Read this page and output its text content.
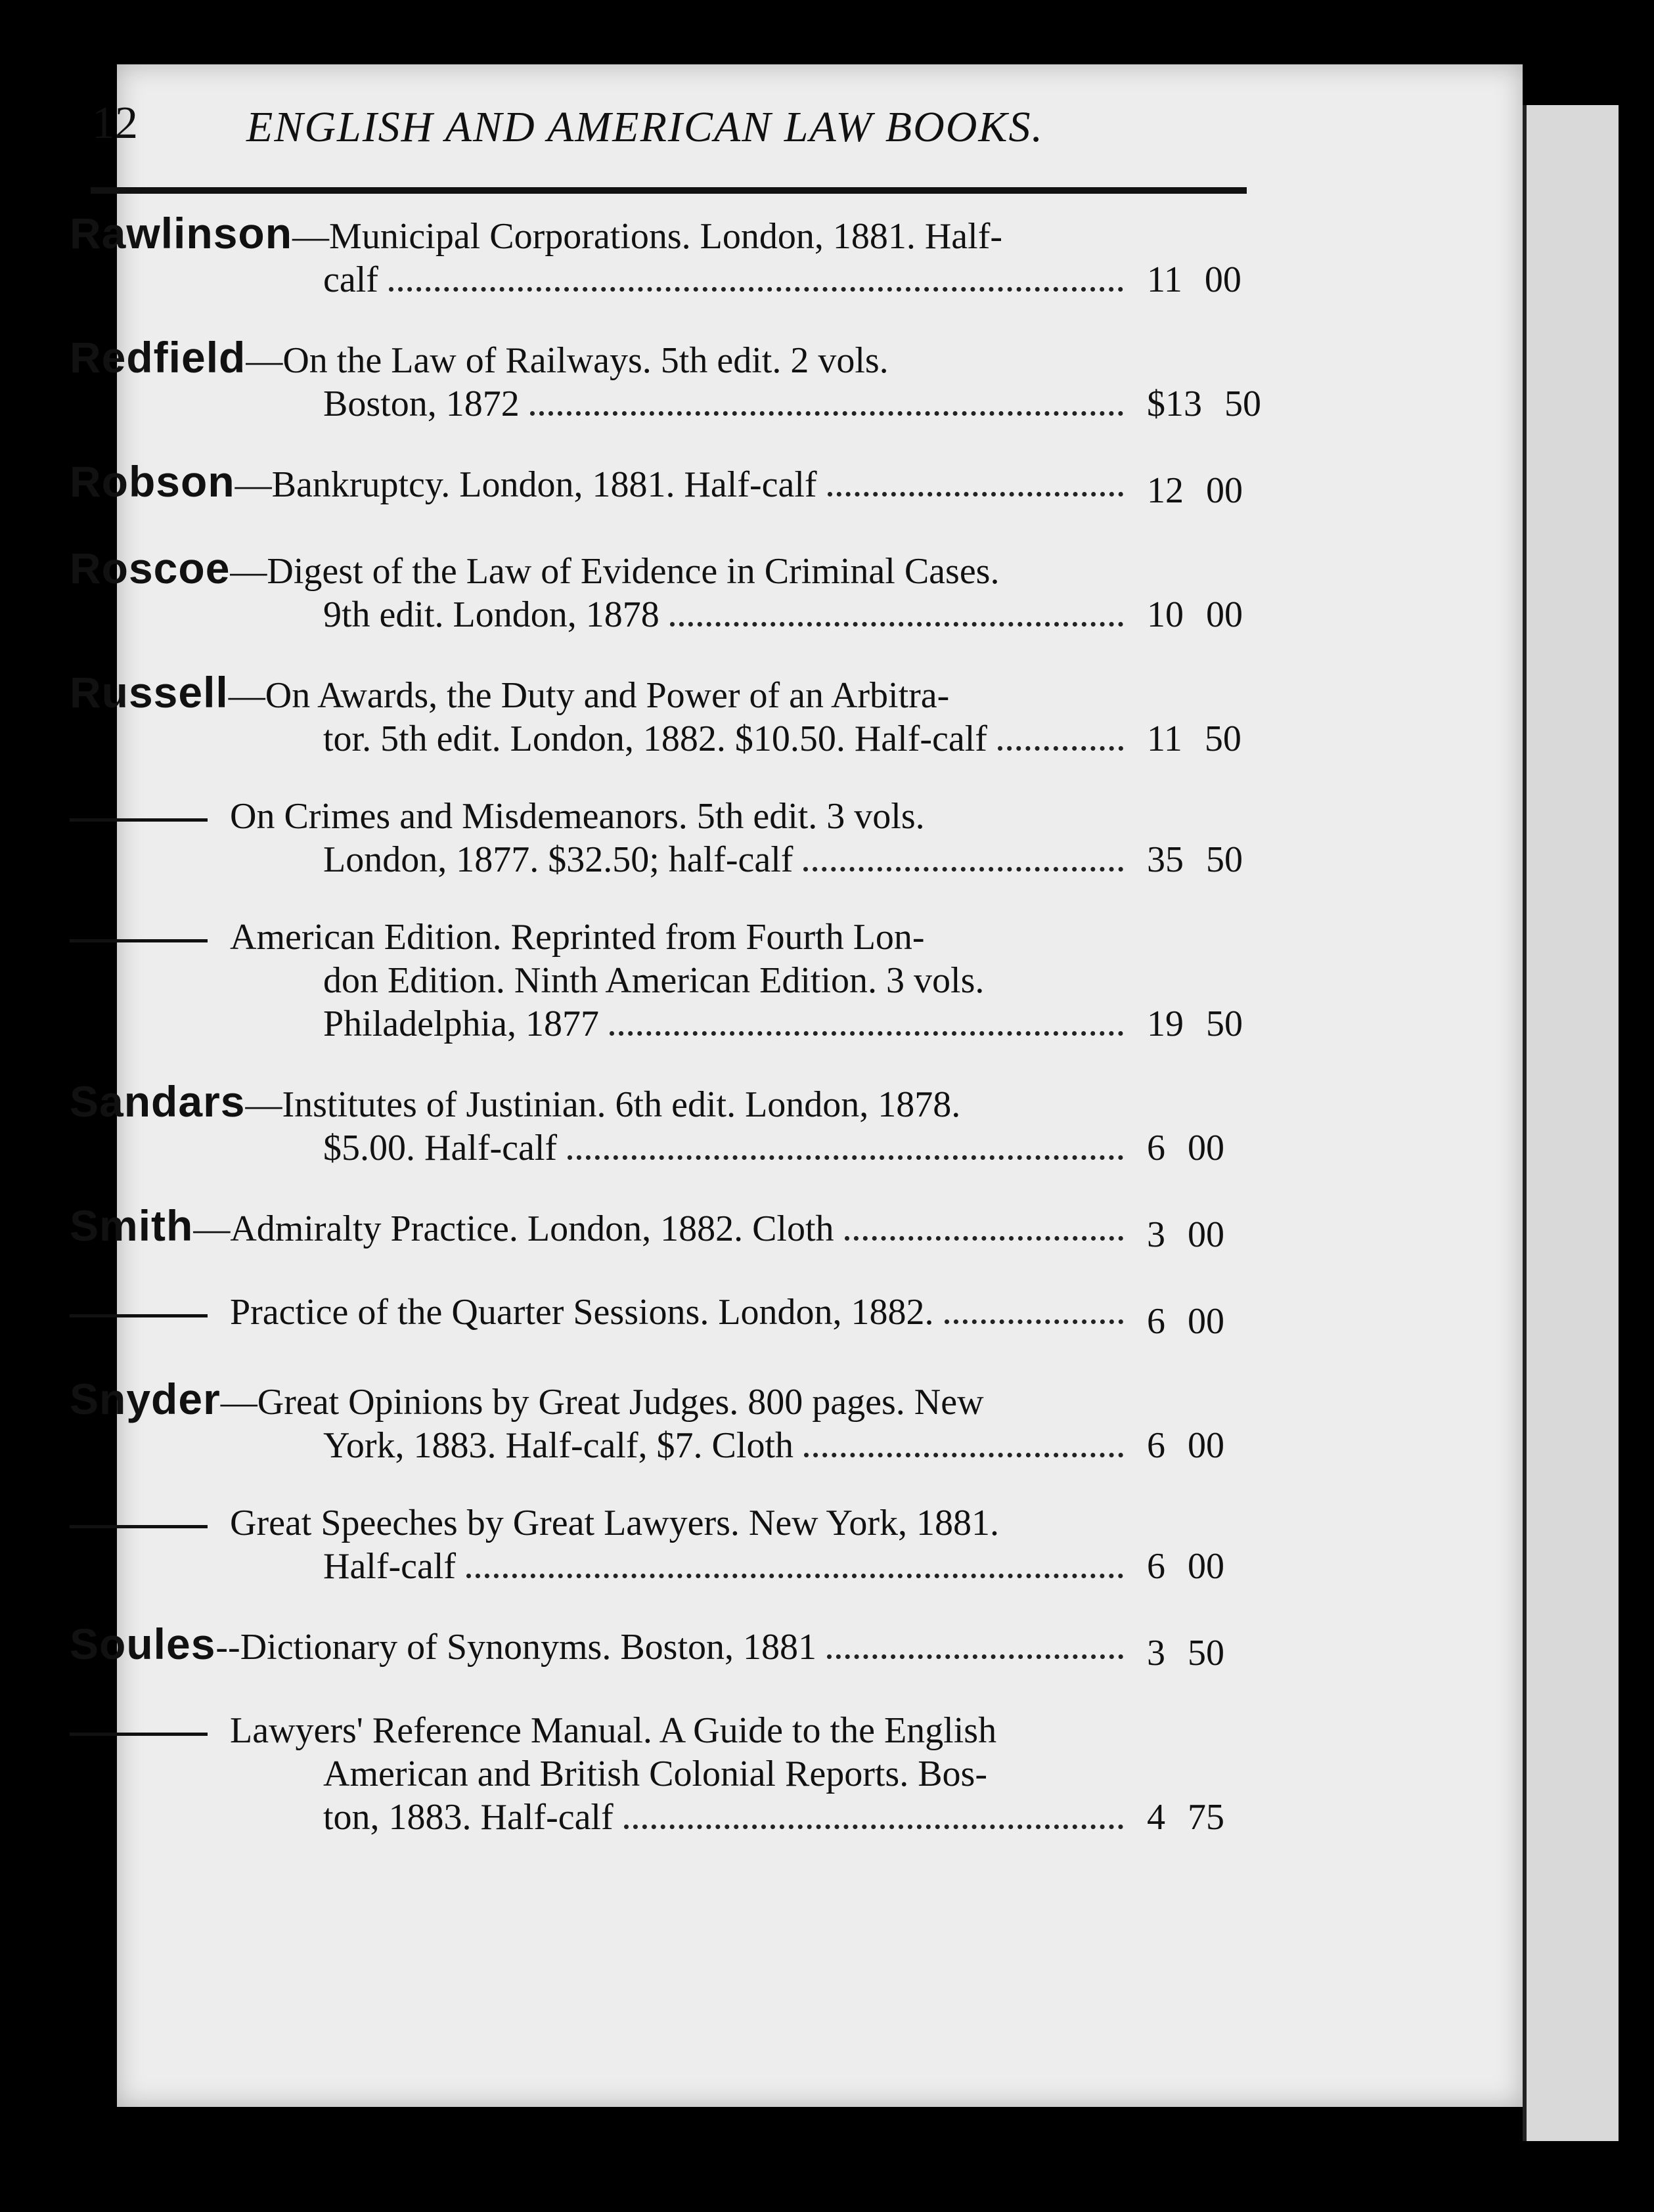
12	ENGLISH AND AMERICAN LAW BOOKS.
Rawlinson—Municipal Corporations. London, 1881. Half-
calf	11 00
Redfield—On the Law of Railways. 5th edit. 2 vols.
Boston, 1872	$13 50
Robson—Bankruptcy. London, 1881. Half-calf	12 00
Roscoe—Digest of the Law of Evidence in Criminal Cases.
9th edit. London, 1878	10 00
Russell—On Awards, the Duty and Power of an Arbitra-
tor. 5th edit. London, 1882. $10.50. Half-calf	11 50
On Crimes and Misdemeanors. 5th edit. 3 vols.
London, 1877. $32.50; half-calf	35 50
American Edition. Reprinted from Fourth Lon-
don Edition. Ninth American Edition. 3 vols.
Philadelphia, 1877	19 50
Sandars—Institutes of Justinian. 6th edit. London, 1878.
$5.00. Half-calf	6 00
Smith—Admiralty Practice. London, 1882. Cloth	3 00
Practice of the Quarter Sessions. London, 1882.	6 00
Snyder—Great Opinions by Great Judges. 800 pages. New
York, 1883. Half-calf, $7. Cloth	6 00
Great Speeches by Great Lawyers. New York, 1881.
Half-calf	6 00
Soules--Dictionary of Synonyms. Boston, 1881	3 50
Lawyers' Reference Manual. A Guide to the English
American and British Colonial Reports. Bos-
ton, 1883. Half-calf	4 75
